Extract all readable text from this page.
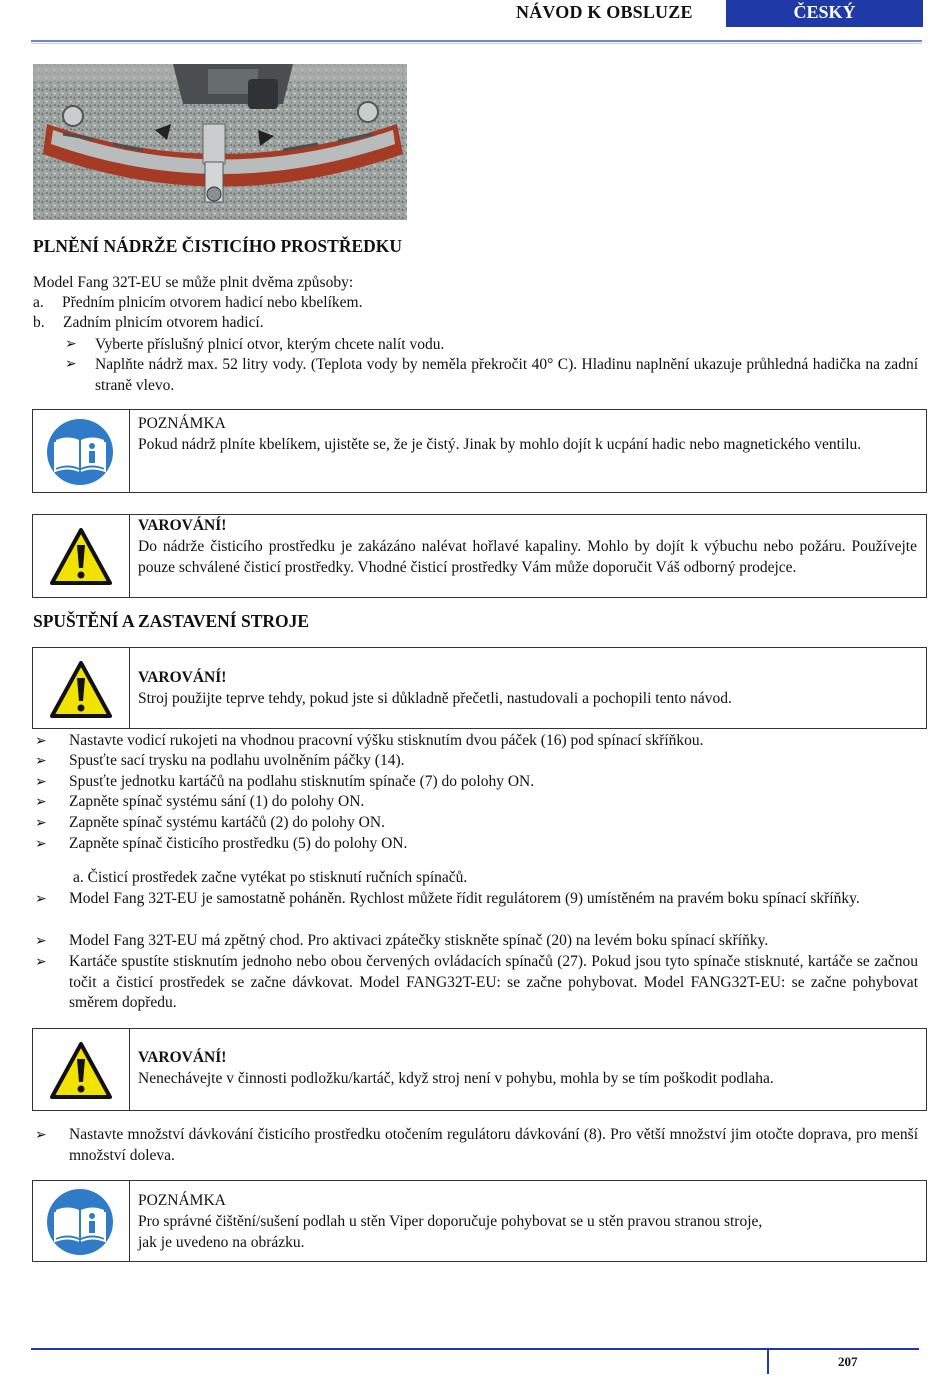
NÁVOD K OBSLUZE	ČESKÝ
PLNĚNÍ NÁDRŽE ČISTICÍHO PROSTŘEDKU
Model Fang 32T-EU se může plnit dvěma způsoby:
a. Předním plnicím otvorem hadicí nebo kbelíkem.
b. Zadním plnicím otvorem hadicí.
➢ Vyberte příslušný plnicí otvor, kterým chcete nalít vodu.
➢ Naplňte nádrž max. 52 litry vody. (Teplota vody by neměla překročit 40° C). Hladinu naplnění ukazuje průhledná hadička na zadní straně vlevo.
POZNÁMKA
Pokud nádrž plníte kbelíkem, ujistěte se, že je čistý. Jinak by mohlo dojít k ucpání hadic nebo magnetického ventilu.
VAROVÁNÍ!
Do nádrže čisticího prostředku je zakázáno nalévat hořlavé kapaliny. Mohlo by dojít k výbuchu nebo požáru. Používejte pouze schválené čisticí prostředky. Vhodné čisticí prostředky Vám může doporučit Váš odborný prodejce.
SPUŠTĚNÍ A ZASTAVENÍ STROJE
VAROVÁNÍ!
Stroj použijte teprve tehdy, pokud jste si důkladně přečetli, nastudovali a pochopili tento návod.
➢ Nastavte vodicí rukojeti na vhodnou pracovní výšku stisknutím dvou páček (16) pod spínací skříňkou.
➢ Spusťte sací trysku na podlahu uvolněním páčky (14).
➢ Spusťte jednotku kartáčů na podlahu stisknutím spínače (7) do polohy ON.
➢ Zapněte spínač systému sání (1) do polohy ON.
➢ Zapněte spínač systému kartáčů (2) do polohy ON.
➢ Zapněte spínač čisticího prostředku (5) do polohy ON.
a. Čisticí prostředek začne vytékat po stisknutí ručních spínačů.
➢ Model Fang 32T-EU je samostatně poháněn. Rychlost můžete řídit regulátorem (9) umístěném na pravém boku spínací skříňky.
➢ Model Fang 32T-EU má zpětný chod. Pro aktivaci zpátečky stiskněte spínač (20) na levém boku spínací skříňky.
➢ Kartáče spustíte stisknutím jednoho nebo obou červených ovládacích spínačů (27). Pokud jsou tyto spínače stisknuté, kartáče se začnou točit a čisticí prostředek se začne dávkovat. Model FANG32T-EU: se začne pohybovat. Model FANG32T-EU: se začne pohybovat směrem dopředu.
VAROVÁNÍ!
Nenechávejte v činnosti podložku/kartáč, když stroj není v pohybu, mohla by se tím poškodit podlaha.
➢ Nastavte množství dávkování čisticího prostředku otočením regulátoru dávkování (8). Pro větší množství jim otočte doprava, pro menší množství doleva.
POZNÁMKA
Pro správné čištění/sušení podlah u stěn Viper doporučuje pohybovat se u stěn pravou stranou stroje,
jak je uvedeno na obrázku.
207
